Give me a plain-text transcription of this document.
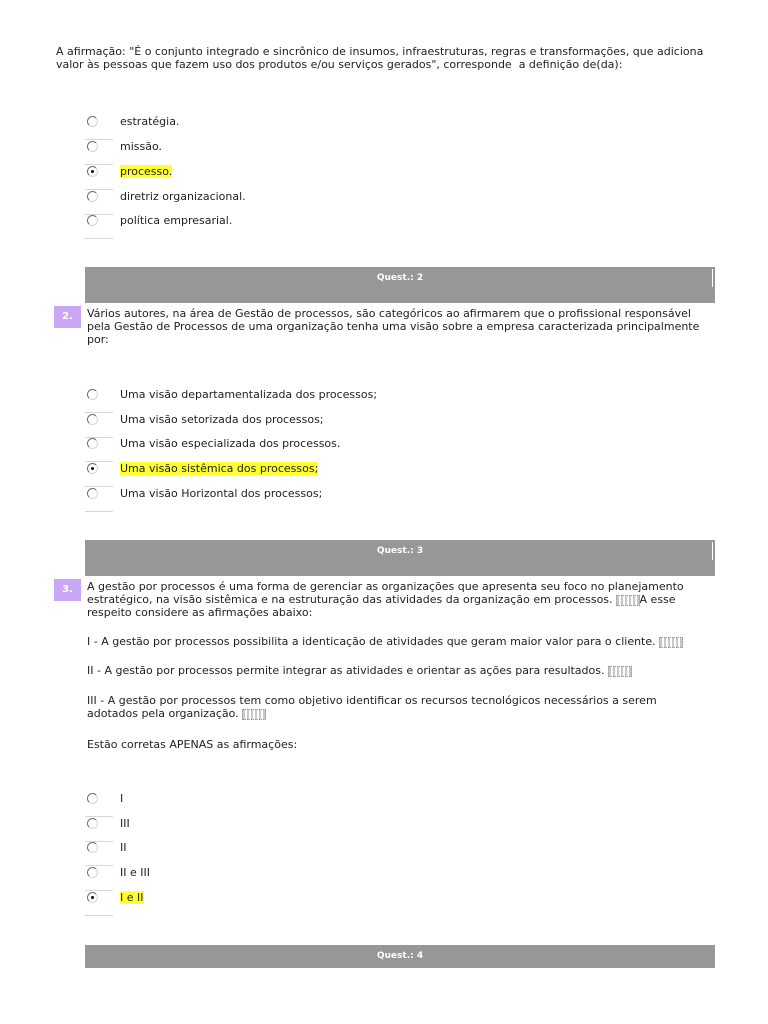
A afirmação: "É o conjunto integrado e sincrônico de insumos, infraestruturas, regras e transformações, que adiciona valor às pessoas que fazem uso dos produtos e/ou serviços gerados", corresponde  a definição de(da):

estratégia.
missão.
processo.
diretriz organizacional.
política empresarial.
Quest.: 2
2.	Vários autores, na área de Gestão de processos, são categóricos ao afirmarem que o profissional responsável pela Gestão de Processos de uma organização tenha uma visão sobre a empresa caracterizada principalmente por:

Uma visão departamentalizada dos processos;
Uma visão setorizada dos processos;
Uma visão especializada dos processos.
Uma visão sistêmica dos processos;
Uma visão Horizontal dos processos;
Quest.: 3
3.	A gestão por processos é uma forma de gerenciar as organizações que apresenta seu foco no planejamento estratégico, na visão sistêmica e na estruturação das atividades da organização em processos. A esse respeito considere as afirmações abaixo:

I - A gestão por processos possibilita a identicação de atividades que geram maior valor para o cliente.

II - A gestão por processos permite integrar as atividades e orientar as ações para resultados.

III - A gestão por processos tem como objetivo identificar os recursos tecnológicos necessários a serem adotados pela organização.

Estão corretas APENAS as afirmações:

I
III
II
II e III
I e II
Quest.: 4
